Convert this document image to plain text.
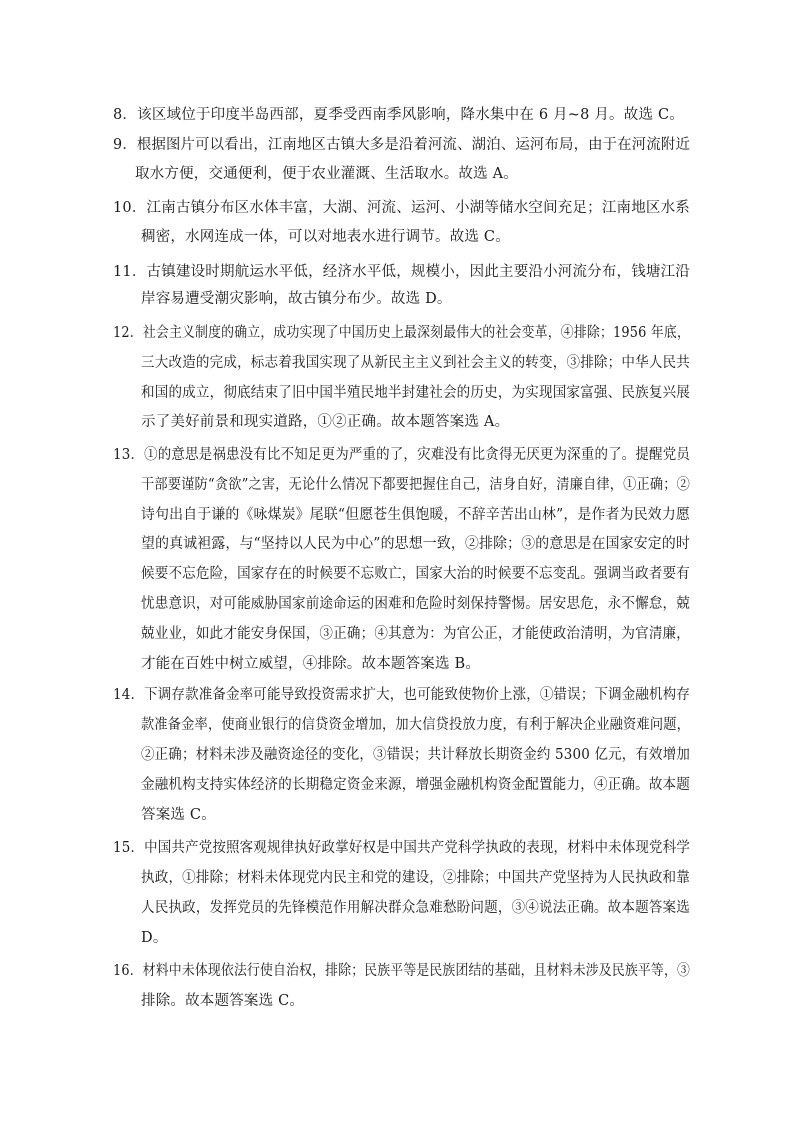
8．该区域位于印度半岛西部，夏季受西南季风影响，降水集中在 6 月~8 月。故选 C。
9．根据图片可以看出，江南地区古镇大多是沿着河流、湖泊、运河布局，由于在河流附近
取水方便，交通便利，便于农业灌溉、生活取水。故选 A。
10．江南古镇分布区水体丰富，大湖、河流、运河、小湖等储水空间充足；江南地区水系
稠密，水网连成一体，可以对地表水进行调节。故选 C。
11．古镇建设时期航运水平低，经济水平低，规模小，因此主要沿小河流分布，钱塘江沿
岸容易遭受潮灾影响，故古镇分布少。故选 D。
12．社会主义制度的确立，成功实现了中国历史上最深刻最伟大的社会变革，④排除；1956 年底，
三大改造的完成，标志着我国实现了从新民主主义到社会主义的转变，③排除；中华人民共
和国的成立，彻底结束了旧中国半殖民地半封建社会的历史，为实现国家富强、民族复兴展
示了美好前景和现实道路，①②正确。故本题答案选 A。
13．①的意思是祸患没有比不知足更为严重的了，灾难没有比贪得无厌更为深重的了。提醒党员
干部要谨防“贪欲”之害，无论什么情况下都要把握住自己，洁身自好，清廉自律，①正确；②
诗句出自于谦的《咏煤炭》尾联“但愿苍生俱饱暖，不辞辛苦出山林”，是作者为民效力愿
望的真诚袒露，与“坚持以人民为中心”的思想一致，②排除；③的意思是在国家安定的时
候要不忘危险，国家存在的时候要不忘败亡，国家大治的时候要不忘变乱。强调当政者要有
忧患意识，对可能威胁国家前途命运的困难和危险时刻保持警惕。居安思危，永不懈怠，兢
兢业业，如此才能安身保国，③正确；④其意为：为官公正，才能使政治清明，为官清廉，
才能在百姓中树立威望，④排除。故本题答案选 B。
14．下调存款准备金率可能导致投资需求扩大，也可能致使物价上涨，①错误；下调金融机构存
款准备金率，使商业银行的信贷资金增加，加大信贷投放力度，有利于解决企业融资难问题，
②正确；材料未涉及融资途径的变化，③错误；共计释放长期资金约 5300 亿元，有效增加
金融机构支持实体经济的长期稳定资金来源，增强金融机构资金配置能力，④正确。故本题
答案选 C。
15．中国共产党按照客观规律执好政掌好权是中国共产党科学执政的表现，材料中未体现党科学
执政，①排除；材料未体现党内民主和党的建设，②排除；中国共产党坚持为人民执政和靠
人民执政，发挥党员的先锋模范作用解决群众急难愁盼问题，③④说法正确。故本题答案选
D。
16．材料中未体现依法行使自治权，排除；民族平等是民族团结的基础，且材料未涉及民族平等，③
排除。故本题答案选 C。
